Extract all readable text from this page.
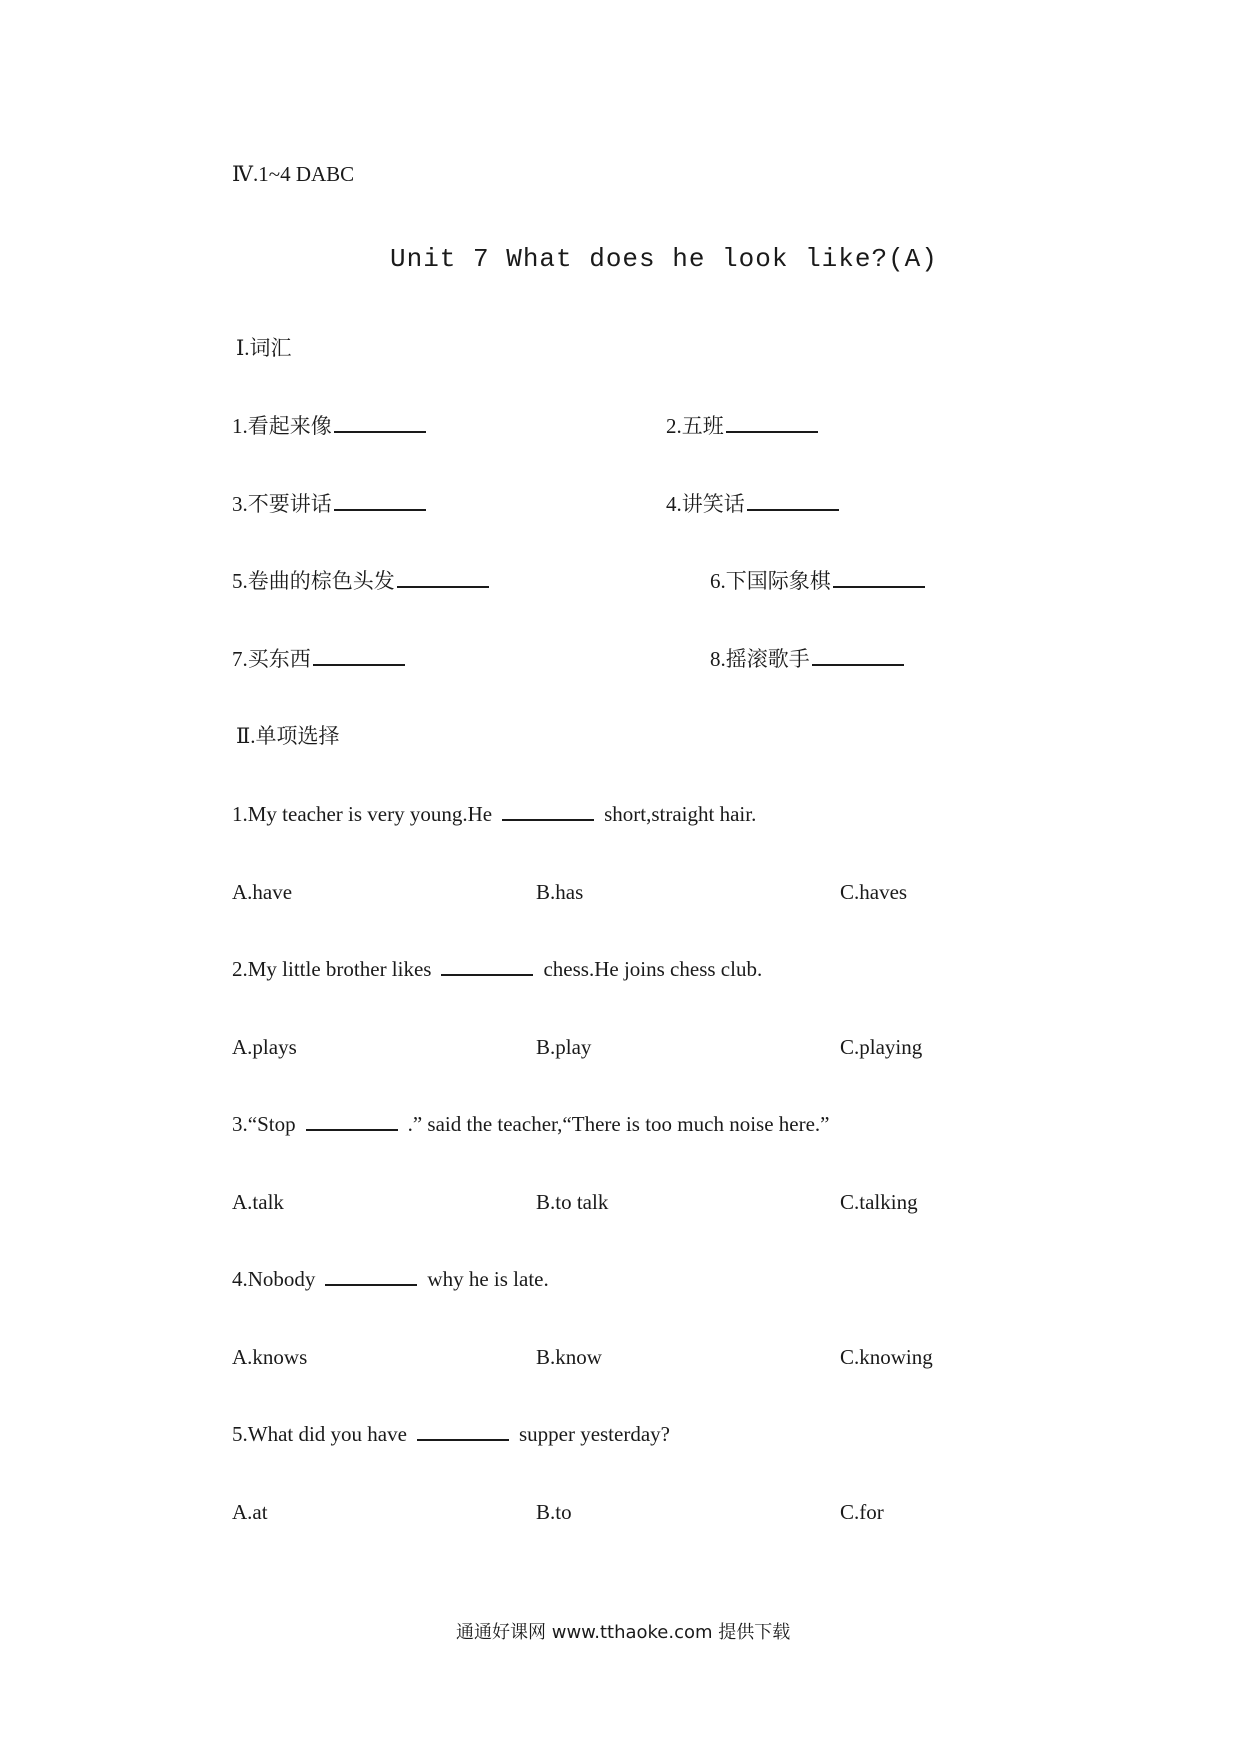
Ⅳ.1~4 DABC
Unit 7 What does he look like?(A)
Ⅰ.词汇
1.看起来像	2.五班
3.不要讲话	4.讲笑话
5.卷曲的棕色头发	6.下国际象棋
7.买东西	8.摇滚歌手
Ⅱ.单项选择
1.My teacher is very young.He	short,straight hair.
A.have	B.has	C.haves
2.My little brother likes	chess.He joins chess club.
A.plays	B.play	C.playing
3.“Stop	.” said the teacher,“There is too much noise here.”
A.talk	B.to talk	C.talking
4.Nobody	why he is late.
A.knows	B.know	C.knowing
5.What did you have	supper yesterday?
A.at	B.to	C.for
通通好课网 www.tthaoke.com 提供下载
